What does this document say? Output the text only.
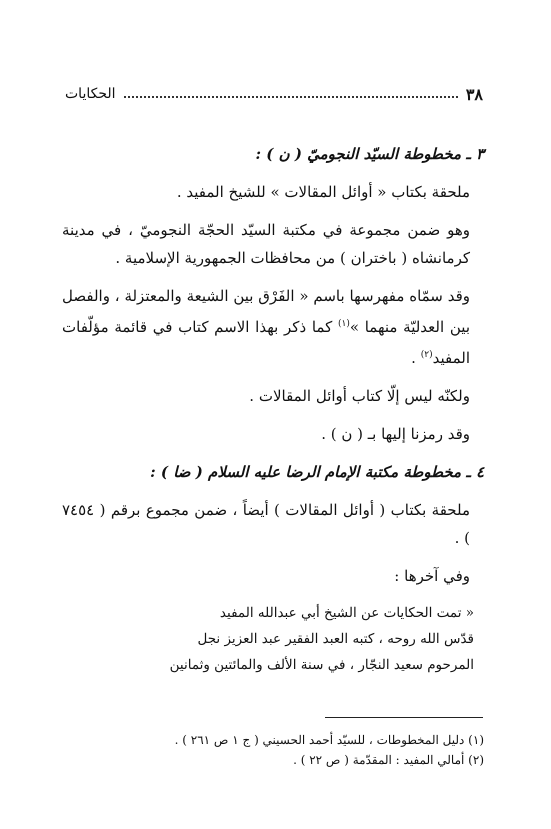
٣٨
الحكايات

٣ ـ مخطوطة السيّد النجوميّ ( ن ) :

ملحقة بكتاب « أوائل المقالات » للشيخ المفيد .

وهو ضمن مجموعة في مكتبة السيّد الحجّة النجوميّ ، في مدينة كرمانشاه ( باختران ) من محافظات الجمهورية الإسلامية .

وقد سمّاه مفهرسها باسم « الفَرْق بين الشيعة والمعتزلة ، والفصل بين العدليّة منهما »$^{(١)}$ كما ذكر بهذا الاسم كتاب في قائمة مؤلّفات المفيد$^{(٢)}$ .

ولكنّه ليس إلّا كتاب أوائل المقالات .

وقد رمزنا إليها بـ ( ن ) .

٤ ـ مخطوطة مكتبة الإمام الرضا عليه السلام ( ضا ) :

ملحقة بكتاب ( أوائل المقالات ) أيضاً ، ضمن مجموع برقم ( ٧٤٥٤ ) .

وفي آخرها :

« تمت الحكايات عن الشيخ أبي عبدالله المفيد
قدّس الله روحه ، كتبه العبد الفقير عبد العزيز نجل
المرحوم سعيد النجّار ، في سنة الألف والمائتين وثمانين

(١) دليل المخطوطات ، للسيّد أحمد الحسيني ( ج ١ ص ٢٦١ ) .

(٢) أمالي المفيد : المقدّمة ( ص ٢٢ ) .
